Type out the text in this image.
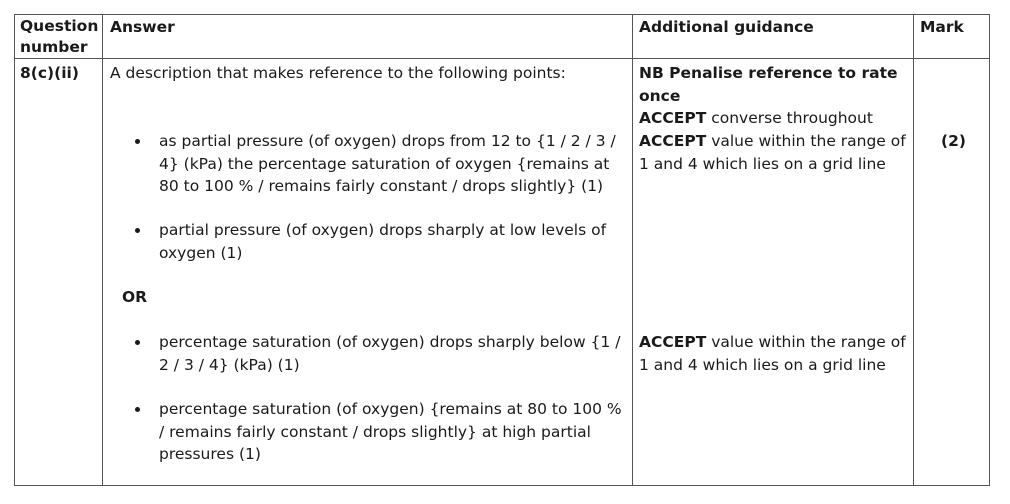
Question number
Answer	Additional guidance	Mark
8(c)(ii) A description that makes reference to the following points:
as partial pressure (of oxygen) drops from 12 to {1 / 2 / 3 / 4} (kPa) the percentage saturation of oxygen {remains at 80 to 100 % / remains fairly constant / drops slightly} (1)
partial pressure (of oxygen) drops sharply at low levels of oxygen (1)
OR
percentage saturation (of oxygen) drops sharply below {1 / 2 / 3 / 4} (kPa) (1)
percentage saturation (of oxygen) {remains at 80 to 100 % / remains fairly constant / drops slightly} at high partial pressures (1)
NB Penalise reference to rate once
ACCEPT converse throughout
ACCEPT value within the range of 1 and 4 which lies on a grid line
ACCEPT value within the range of 1 and 4 which lies on a grid line
(2)
